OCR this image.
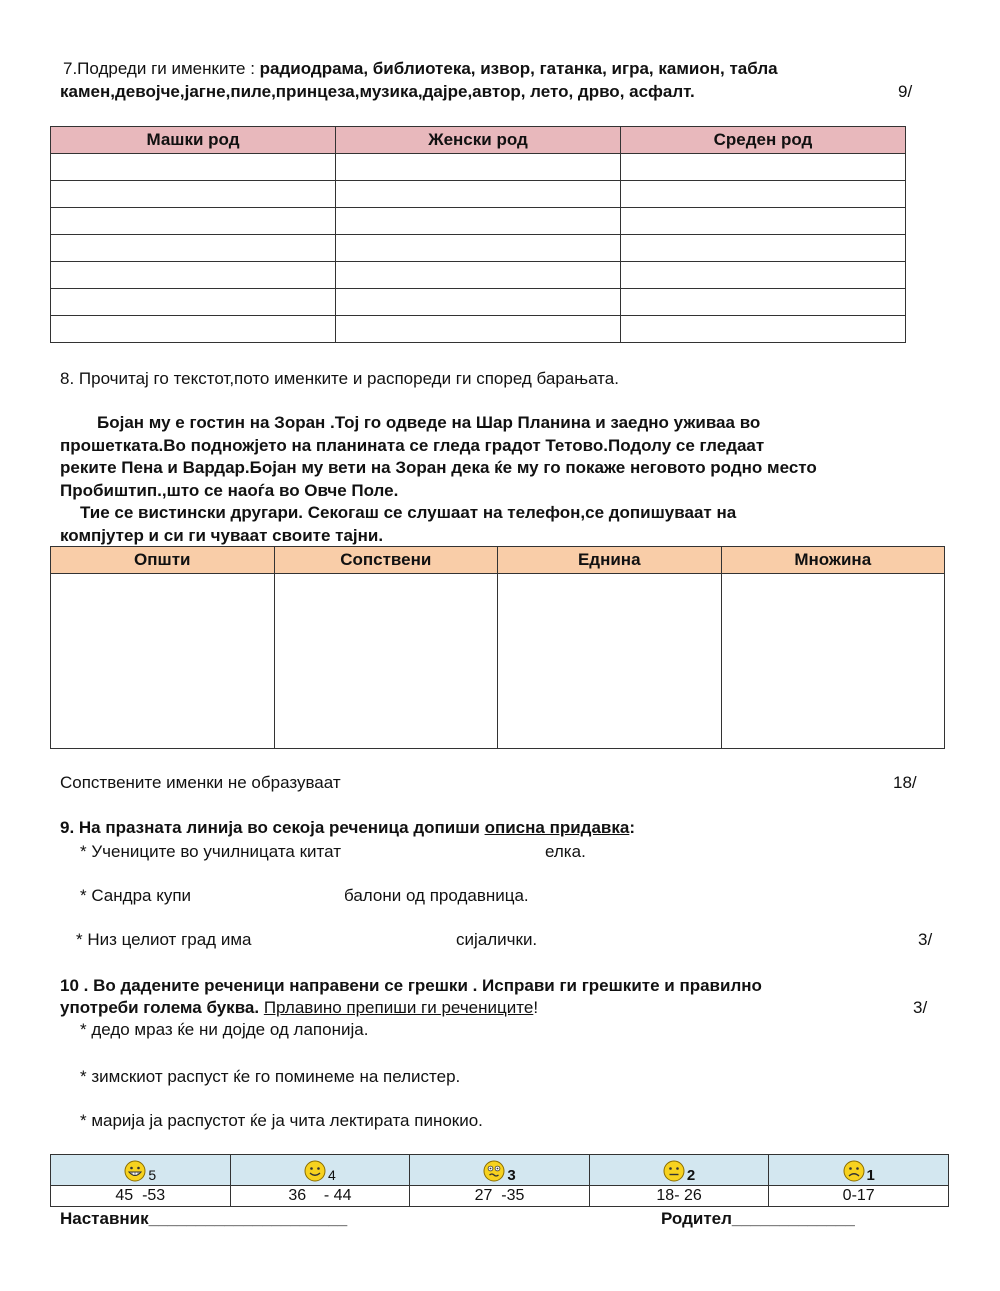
7.Подреди ги именките : радиодрама, библиотека, извор, гатанка, игра, камион, табла
камен,девојче,јагне,пиле,принцеза,музика,дајре,автор, лето, дрво, асфалт.	9/
Машки род	Женски род	Среден род

8. Прочитај го текстот,пото именките и распореди ги според барањата.
Бојан му е гостин на Зоран .Тој го одведе на Шар Планина и заедно уживаа во
прошетката.Во подножјето на планината се гледа градот Тетово.Подолу се гледаат
реките Пена и Вардар.Бојан му вети на Зоран дека ќе му го покаже неговото родно место
Пробиштип.,што се наоѓа во Овче Поле.
Тие се вистински другари. Секогаш се слушаат на телефон,се допишуваат на
компјутер и си ги чуваат своите тајни.
Општи	Сопствени	Еднина	Множина

Сопствените именки не образуваат	18/
9. На празната линија во секоја реченица допиши описна придавка:
* Учениците во училницата китат	елка.
* Сандра купи	балони од продавница.
* Низ целиот град има	сијалички.	3/
10 . Во дадените реченици направени се грешки . Исправи ги грешките и правилно
употреби голема буква. Прлавино препиши ги речениците!	3/
* дедо мраз ќе ни дојде од лапонија.
* зимскиот распуст ќе го поминеме на пелистер.
* марија ја распустот ќе ја чита лектирата пинокио.
5	4	3	2	1
45  -53	36    - 44	27  -35	18- 26	0-17
Наставник_____________________	Родител_____________
